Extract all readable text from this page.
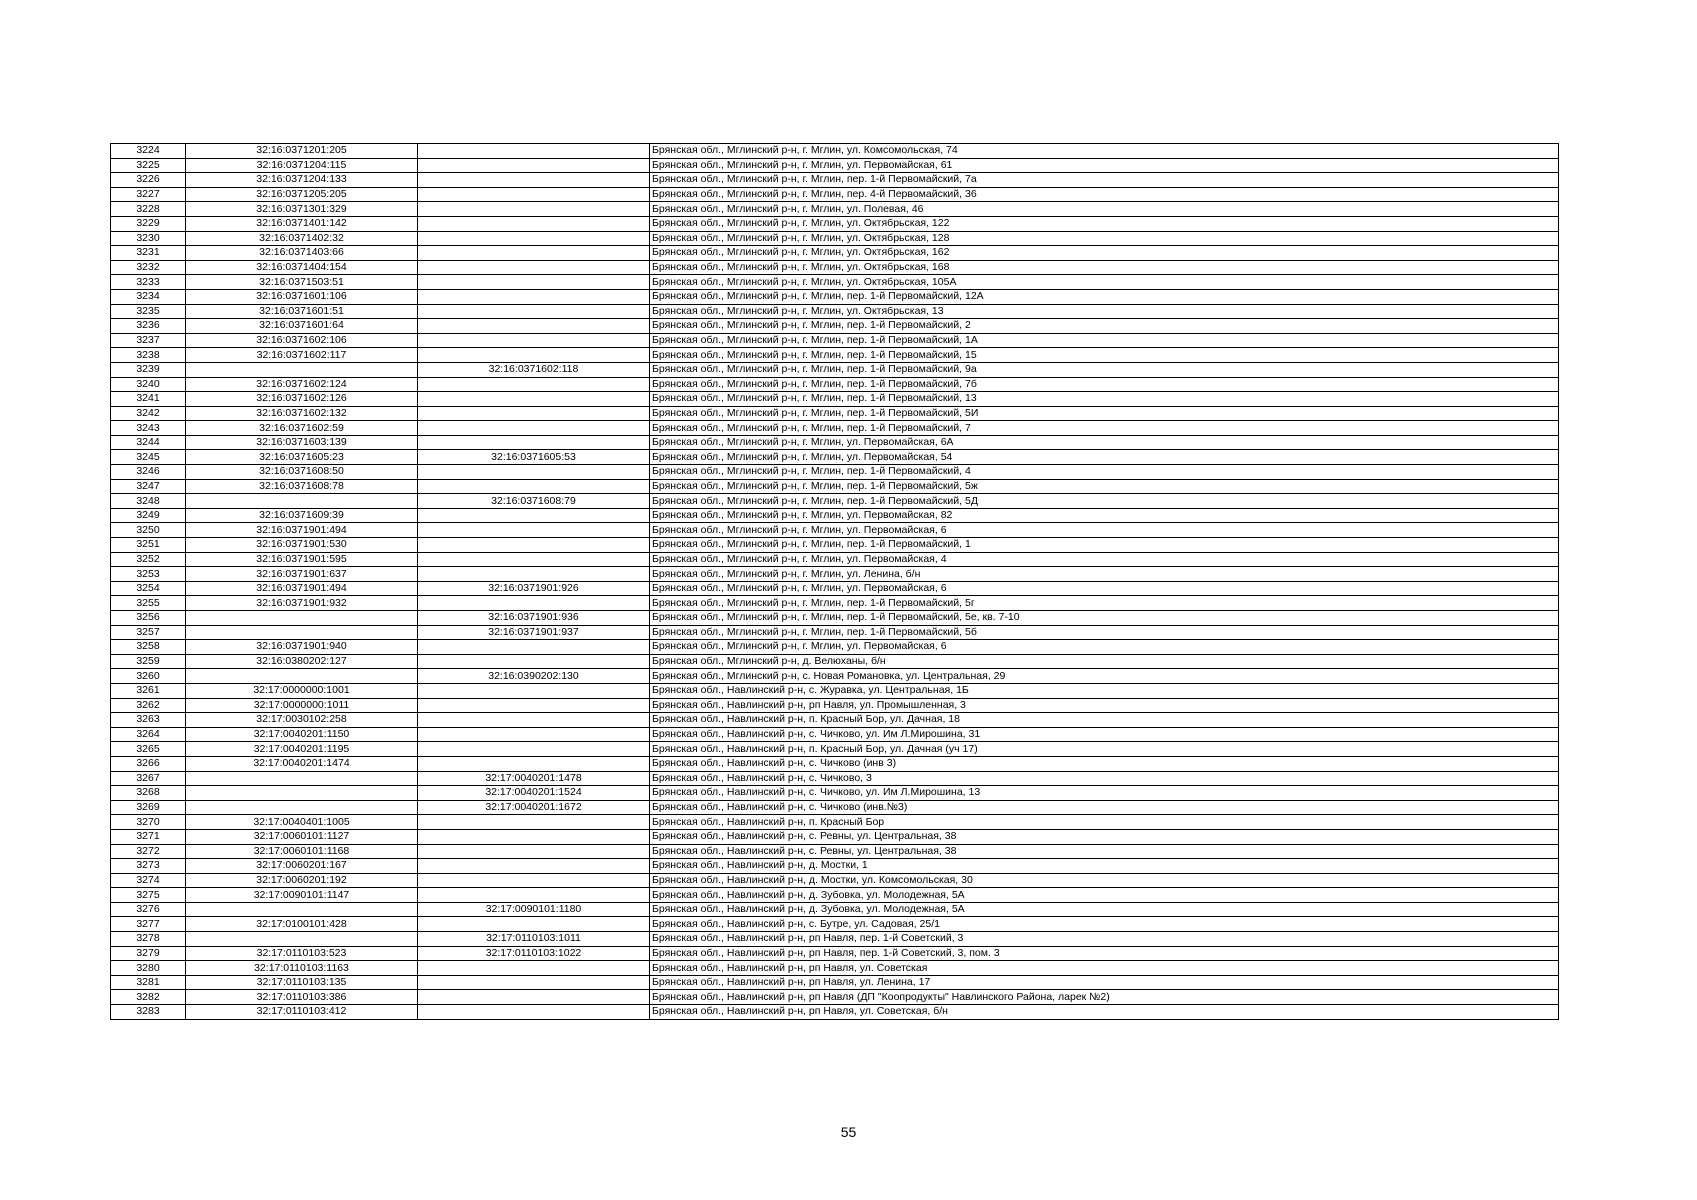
3224	32:16:0371201:205		Брянская обл., Мглинский р-н, г. Мглин, ул. Комсомольская, 74
3225	32:16:0371204:115		Брянская обл., Мглинский р-н, г. Мглин, ул. Первомайская, 61
3226	32:16:0371204:133		Брянская обл., Мглинский р-н, г. Мглин, пер. 1-й Первомайский, 7а
3227	32:16:0371205:205		Брянская обл., Мглинский р-н, г. Мглин, пер. 4-й Первомайский, 36
3228	32:16:0371301:329		Брянская обл., Мглинский р-н, г. Мглин, ул. Полевая, 46
3229	32:16:0371401:142		Брянская обл., Мглинский р-н, г. Мглин, ул. Октябрьская, 122
3230	32:16:0371402:32		Брянская обл., Мглинский р-н, г. Мглин, ул. Октябрьская, 128
3231	32:16:0371403:66		Брянская обл., Мглинский р-н, г. Мглин, ул. Октябрьская, 162
3232	32:16:0371404:154		Брянская обл., Мглинский р-н, г. Мглин, ул. Октябрьская, 168
3233	32:16:0371503:51		Брянская обл., Мглинский р-н, г. Мглин, ул. Октябрьская, 105А
3234	32:16:0371601:106		Брянская обл., Мглинский р-н, г. Мглин, пер. 1-й Первомайский, 12А
3235	32:16:0371601:51		Брянская обл., Мглинский р-н, г. Мглин, ул. Октябрьская, 13
3236	32:16:0371601:64		Брянская обл., Мглинский р-н, г. Мглин, пер. 1-й Первомайский, 2
3237	32:16:0371602:106		Брянская обл., Мглинский р-н, г. Мглин, пер. 1-й Первомайский, 1А
3238	32:16:0371602:117		Брянская обл., Мглинский р-н, г. Мглин, пер. 1-й Первомайский, 15
3239		32:16:0371602:118	Брянская обл., Мглинский р-н, г. Мглин, пер. 1-й Первомайский, 9а
3240	32:16:0371602:124		Брянская обл., Мглинский р-н, г. Мглин, пер. 1-й Первомайский, 7б
3241	32:16:0371602:126		Брянская обл., Мглинский р-н, г. Мглин, пер. 1-й Первомайский, 13
3242	32:16:0371602:132		Брянская обл., Мглинский р-н, г. Мглин, пер. 1-й Первомайский, 5И
3243	32:16:0371602:59		Брянская обл., Мглинский р-н, г. Мглин, пер. 1-й Первомайский, 7
3244	32:16:0371603:139		Брянская обл., Мглинский р-н, г. Мглин, ул. Первомайская, 6А
3245	32:16:0371605:23	32:16:0371605:53	Брянская обл., Мглинский р-н, г. Мглин, ул. Первомайская, 54
3246	32:16:0371608:50		Брянская обл., Мглинский р-н, г. Мглин, пер. 1-й Первомайский, 4
3247	32:16:0371608:78		Брянская обл., Мглинский р-н, г. Мглин, пер. 1-й Первомайский, 5ж
3248		32:16:0371608:79	Брянская обл., Мглинский р-н, г. Мглин, пер. 1-й Первомайский, 5Д
3249	32:16:0371609:39		Брянская обл., Мглинский р-н, г. Мглин, ул. Первомайская, 82
3250	32:16:0371901:494		Брянская обл., Мглинский р-н, г. Мглин, ул. Первомайская, 6
3251	32:16:0371901:530		Брянская обл., Мглинский р-н, г. Мглин, пер. 1-й Первомайский, 1
3252	32:16:0371901:595		Брянская обл., Мглинский р-н, г. Мглин, ул. Первомайская, 4
3253	32:16:0371901:637		Брянская обл., Мглинский р-н, г. Мглин, ул. Ленина, б/н
3254	32:16:0371901:494	32:16:0371901:926	Брянская обл., Мглинский р-н, г. Мглин, ул. Первомайская, 6
3255	32:16:0371901:932		Брянская обл., Мглинский р-н, г. Мглин, пер. 1-й Первомайский, 5г
3256		32:16:0371901:936	Брянская обл., Мглинский р-н, г. Мглин, пер. 1-й Первомайский, 5е, кв. 7-10
3257		32:16:0371901:937	Брянская обл., Мглинский р-н, г. Мглин, пер. 1-й Первомайский, 5б
3258	32:16:0371901:940		Брянская обл., Мглинский р-н, г. Мглин, ул. Первомайская, 6
3259	32:16:0380202:127		Брянская обл., Мглинский р-н, д. Велюханы, б/н
3260		32:16:0390202:130	Брянская обл., Мглинский р-н, с. Новая Романовка, ул. Центральная, 29
3261	32:17:0000000:1001		Брянская обл., Навлинский р-н, с. Журавка, ул. Центральная, 1Б
3262	32:17:0000000:1011		Брянская обл., Навлинский р-н, рп Навля, ул. Промышленная, 3
3263	32:17:0030102:258		Брянская обл., Навлинский р-н, п. Красный Бор, ул. Дачная, 18
3264	32:17:0040201:1150		Брянская обл., Навлинский р-н, с. Чичково, ул. Им Л.Мирошина, 31
3265	32:17:0040201:1195		Брянская обл., Навлинский р-н, п. Красный Бор, ул. Дачная (уч 17)
3266	32:17:0040201:1474		Брянская обл., Навлинский р-н, с. Чичково (инв 3)
3267		32:17:0040201:1478	Брянская обл., Навлинский р-н, с. Чичково, 3
3268		32:17:0040201:1524	Брянская обл., Навлинский р-н, с. Чичково, ул. Им Л.Мирошина, 13
3269		32:17:0040201:1672	Брянская обл., Навлинский р-н, с. Чичково (инв.№3)
3270	32:17:0040401:1005		Брянская обл., Навлинский р-н, п. Красный Бор
3271	32:17:0060101:1127		Брянская обл., Навлинский р-н, с. Ревны, ул. Центральная, 38
3272	32:17:0060101:1168		Брянская обл., Навлинский р-н, с. Ревны, ул. Центральная, 38
3273	32:17:0060201:167		Брянская обл., Навлинский р-н, д. Мостки, 1
3274	32:17:0060201:192		Брянская обл., Навлинский р-н, д. Мостки, ул. Комсомольская, 30
3275	32:17:0090101:1147		Брянская обл., Навлинский р-н, д. Зубовка, ул. Молодежная, 5А
3276		32:17:0090101:1180	Брянская обл., Навлинский р-н, д. Зубовка, ул. Молодежная, 5А
3277	32:17:0100101:428		Брянская обл., Навлинский р-н, с. Бутре, ул. Садовая, 25/1
3278		32:17:0110103:1011	Брянская обл., Навлинский р-н, рп Навля, пер. 1-й Советский, 3
3279	32:17:0110103:523	32:17:0110103:1022	Брянская обл., Навлинский р-н, рп Навля, пер. 1-й Советский, 3, пом. 3
3280	32:17:0110103:1163		Брянская обл., Навлинский р-н, рп Навля, ул. Советская
3281	32:17:0110103:135		Брянская обл., Навлинский р-н, рп Навля, ул. Ленина, 17
3282	32:17:0110103:386		Брянская обл., Навлинский р-н, рп Навля (ДП "Коопродукты" Навлинского Района, ларек №2)
3283	32:17:0110103:412		Брянская обл., Навлинский р-н, рп Навля, ул. Советская, б/н
55
